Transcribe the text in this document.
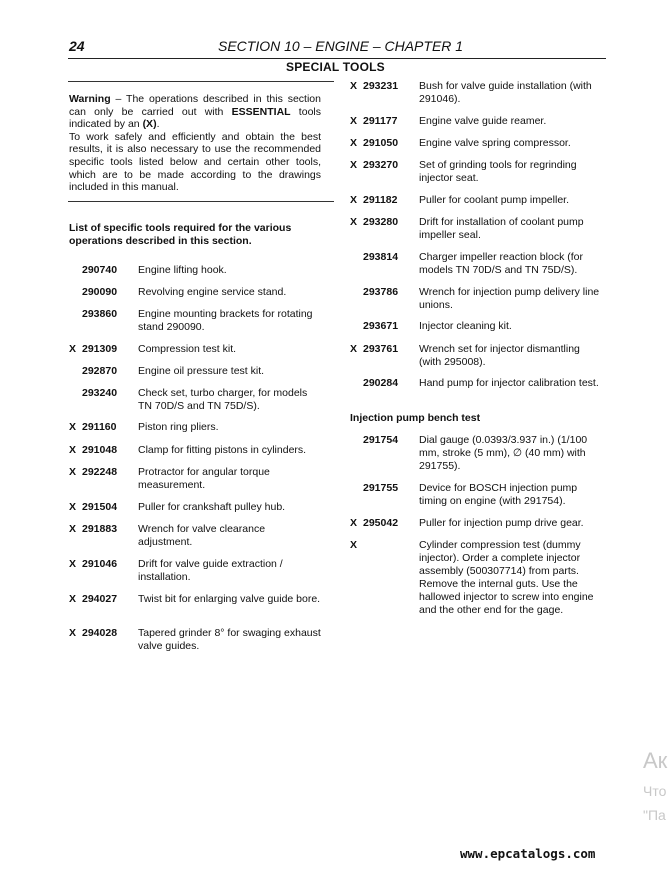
24	SECTION 10 – ENGINE – CHAPTER 1
SPECIAL TOOLS
Warning – The operations described in this section can only be carried out with ESSENTIAL tools indicated by an (X).
To work safely and efficiently and obtain the best results, it is also necessary to use the recommended specific tools listed below and certain other tools, which are to be made according to the drawings included in this manual.
List of specific tools required for the various operations described in this section.
290740 Engine lifting hook.
290090 Revolving engine service stand.
293860 Engine mounting brackets for rotating stand 290090.
X 291309 Compression test kit.
292870 Engine oil pressure test kit.
293240 Check set, turbo charger, for models TN 70D/S and TN 75D/S).
X 291160 Piston ring pliers.
X 291048 Clamp for fitting pistons in cylinders.
X 292248 Protractor for angular torque measurement.
X 291504 Puller for crankshaft pulley hub.
X 291883 Wrench for valve clearance adjustment.
X 291046 Drift for valve guide extraction / installation.
X 294027 Twist bit for enlarging valve guide bore.
X 294028 Tapered grinder 8° for swaging exhaust valve guides.
X 293231 Bush for valve guide installation (with 291046).
X 291177 Engine valve guide reamer.
X 291050 Engine valve spring compressor.
X 293270 Set of grinding tools for regrinding injector seat.
X 291182 Puller for coolant pump impeller.
X 293280 Drift for installation of coolant pump impeller seal.
293814 Charger impeller reaction block (for models TN 70D/S and TN 75D/S).
293786 Wrench for injection pump delivery line unions.
293671 Injector cleaning kit.
X 293761 Wrench set for injector dismantling (with 295008).
290284 Hand pump for injector calibration test.
Injection pump bench test
291754 Dial gauge (0.0393/3.937 in.) (1/100 mm, stroke (5 mm), ∅ (40 mm) with 291755).
291755 Device for BOSCH injection pump timing on engine (with 291754).
X 295042 Puller for injection pump drive gear.
X	Cylinder compression test (dummy injector). Order a complete injector assembly (500307714) from parts. Remove the internal guts. Use the hallowed injector to screw into engine and the other end for the gage.
Ак
Что
"Па
www.epcatalogs.com
